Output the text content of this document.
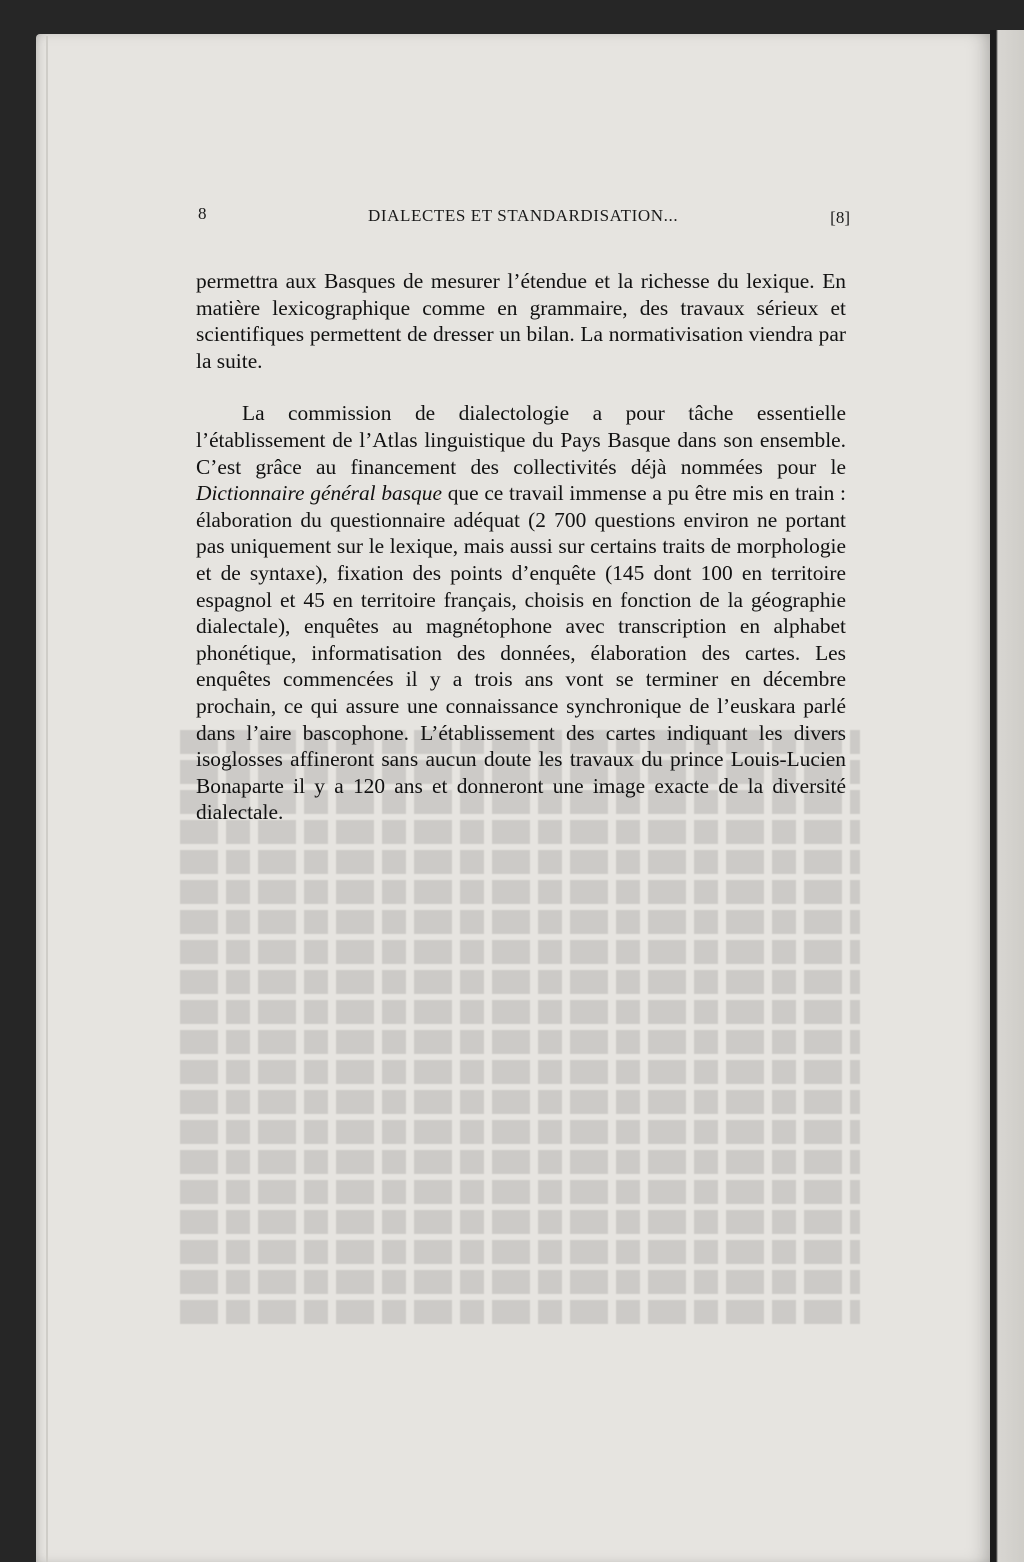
8	DIALECTES ET STANDARDISATION...	[8]

permettra aux Basques de mesurer l’étendue et la richesse du lexique. En matière lexicographique comme en grammaire, des travaux sérieux et scientifiques permettent de dresser un bilan. La normativisation viendra par la suite.

La commission de dialectologie a pour tâche essentielle l’établissement de l’Atlas linguistique du Pays Basque dans son ensemble. C’est grâce au financement des collectivités déjà nommées pour le Dictionnaire général basque que ce travail immense a pu être mis en train : élaboration du questionnaire adéquat (2 700 questions environ ne portant pas uniquement sur le lexique, mais aussi sur certains traits de morphologie et de syntaxe), fixation des points d’enquête (145 dont 100 en territoire espagnol et 45 en territoire français, choisis en fonction de la géographie dialectale), enquêtes au magnétophone avec transcription en alphabet phonétique, informatisation des données, élaboration des cartes. Les enquêtes commencées il y a trois ans vont se terminer en décembre prochain, ce qui assure une connaissance synchronique de l’euskara parlé dans l’aire bascophone. L’établissement des cartes indiquant les divers isoglosses affineront sans aucun doute les travaux du prince Louis-Lucien Bonaparte il y a 120 ans et donneront une image exacte de la diversité dialectale.
